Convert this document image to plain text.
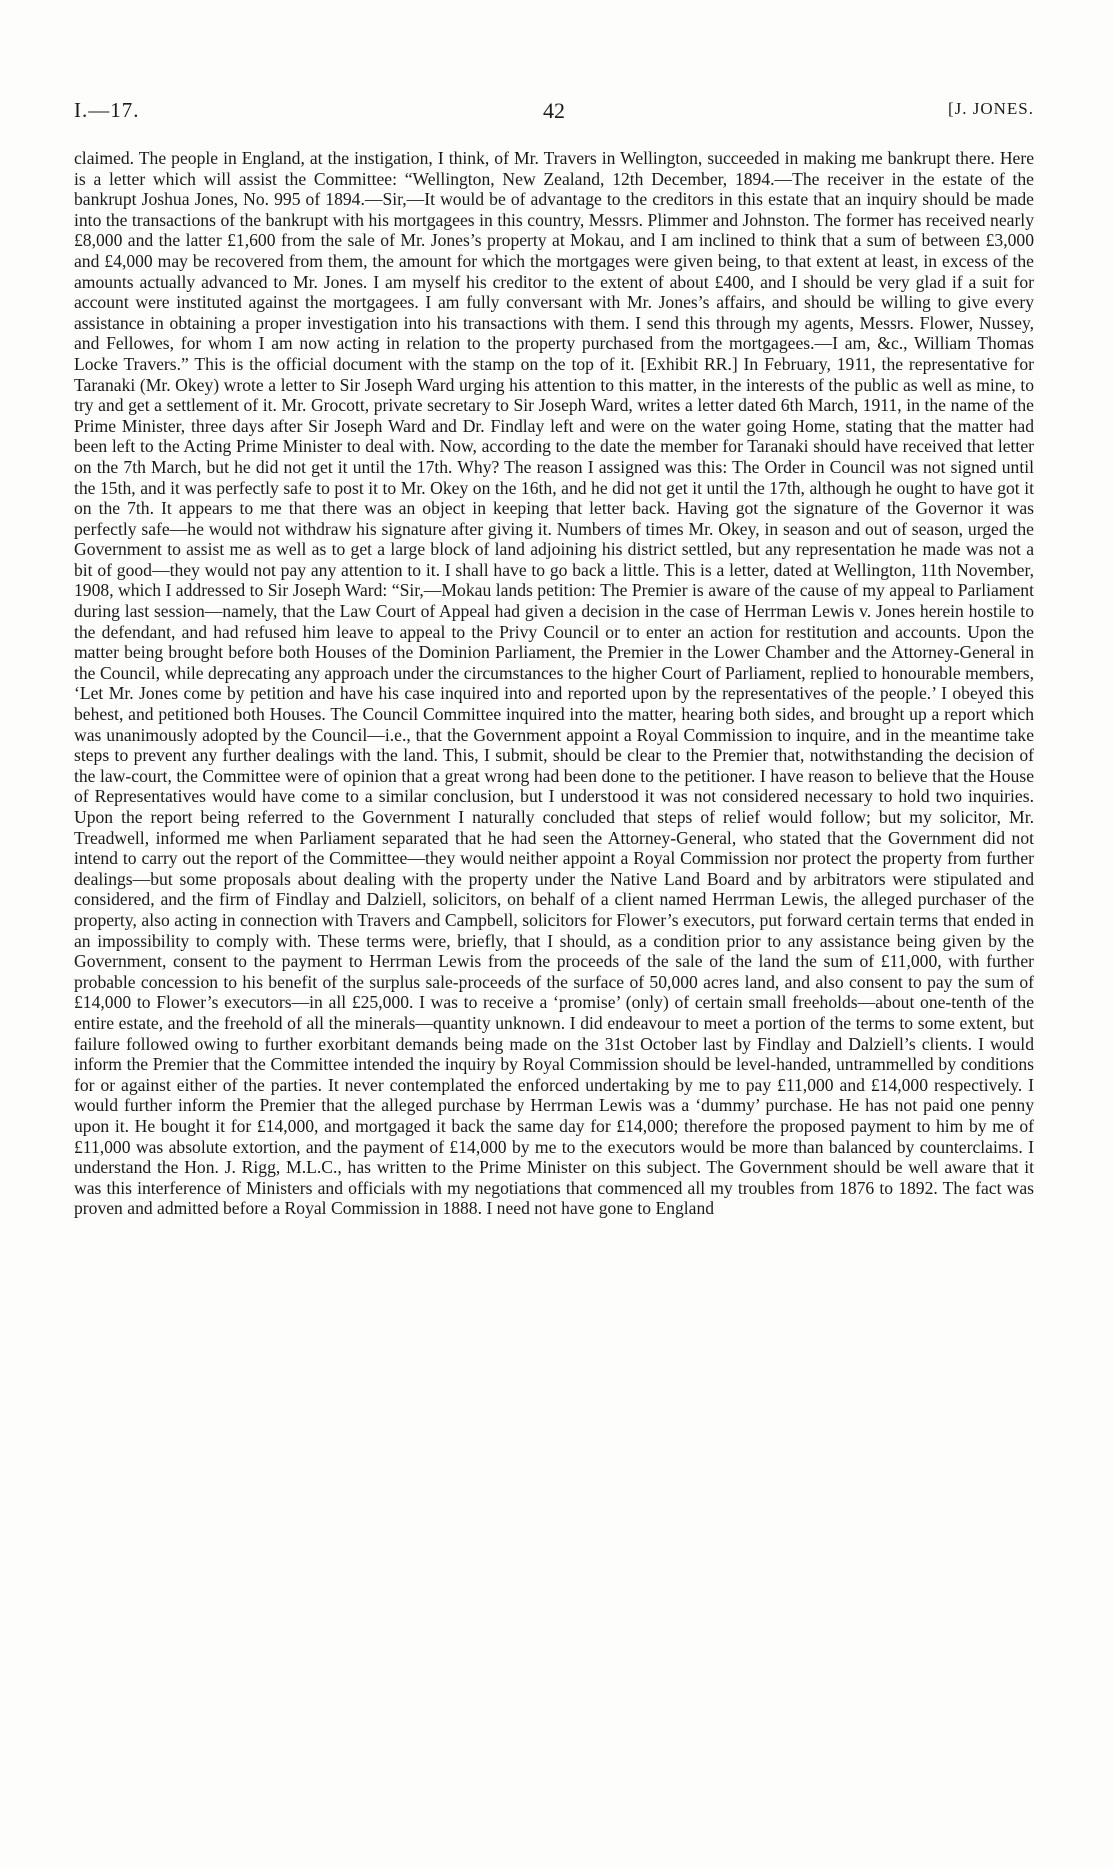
I.—17.	42	[J. JONES.

claimed. The people in England, at the instigation, I think, of Mr. Travers in Wellington, succeeded in making me bankrupt there. Here is a letter which will assist the Committee: “Wellington, New Zealand, 12th December, 1894.—The receiver in the estate of the bankrupt Joshua Jones, No. 995 of 1894.—Sir,—It would be of advantage to the creditors in this estate that an inquiry should be made into the transactions of the bankrupt with his mortgagees in this country, Messrs. Plimmer and Johnston. The former has received nearly £8,000 and the latter £1,600 from the sale of Mr. Jones’s property at Mokau, and I am inclined to think that a sum of between £3,000 and £4,000 may be recovered from them, the amount for which the mortgages were given being, to that extent at least, in excess of the amounts actually advanced to Mr. Jones. I am myself his creditor to the extent of about £400, and I should be very glad if a suit for account were instituted against the mortgagees. I am fully conversant with Mr. Jones’s affairs, and should be willing to give every assistance in obtaining a proper investigation into his transactions with them. I send this through my agents, Messrs. Flower, Nussey, and Fellowes, for whom I am now acting in relation to the property purchased from the mortgagees.—I am, &c., William Thomas Locke Travers.” This is the official document with the stamp on the top of it. [Exhibit RR.] In February, 1911, the representative for Taranaki (Mr. Okey) wrote a letter to Sir Joseph Ward urging his attention to this matter, in the interests of the public as well as mine, to try and get a settlement of it. Mr. Grocott, private secretary to Sir Joseph Ward, writes a letter dated 6th March, 1911, in the name of the Prime Minister, three days after Sir Joseph Ward and Dr. Findlay left and were on the water going Home, stating that the matter had been left to the Acting Prime Minister to deal with. Now, according to the date the member for Taranaki should have received that letter on the 7th March, but he did not get it until the 17th. Why? The reason I assigned was this: The Order in Council was not signed until the 15th, and it was perfectly safe to post it to Mr. Okey on the 16th, and he did not get it until the 17th, although he ought to have got it on the 7th. It appears to me that there was an object in keeping that letter back. Having got the signature of the Governor it was perfectly safe—he would not withdraw his signature after giving it. Numbers of times Mr. Okey, in season and out of season, urged the Government to assist me as well as to get a large block of land adjoining his district settled, but any representation he made was not a bit of good—they would not pay any attention to it. I shall have to go back a little. This is a letter, dated at Wellington, 11th November, 1908, which I addressed to Sir Joseph Ward: “Sir,—Mokau lands petition: The Premier is aware of the cause of my appeal to Parliament during last session—namely, that the Law Court of Appeal had given a decision in the case of Herrman Lewis v. Jones herein hostile to the defendant, and had refused him leave to appeal to the Privy Council or to enter an action for restitution and accounts. Upon the matter being brought before both Houses of the Dominion Parliament, the Premier in the Lower Chamber and the Attorney-General in the Council, while deprecating any approach under the circumstances to the higher Court of Parliament, replied to honourable members, ‘Let Mr. Jones come by petition and have his case inquired into and reported upon by the representatives of the people.’ I obeyed this behest, and petitioned both Houses. The Council Committee inquired into the matter, hearing both sides, and brought up a report which was unanimously adopted by the Council—i.e., that the Government appoint a Royal Commission to inquire, and in the meantime take steps to prevent any further dealings with the land. This, I submit, should be clear to the Premier that, notwithstanding the decision of the law-court, the Committee were of opinion that a great wrong had been done to the petitioner. I have reason to believe that the House of Representatives would have come to a similar conclusion, but I understood it was not considered necessary to hold two inquiries. Upon the report being referred to the Government I naturally concluded that steps of relief would follow; but my solicitor, Mr. Treadwell, informed me when Parliament separated that he had seen the Attorney-General, who stated that the Government did not intend to carry out the report of the Committee—they would neither appoint a Royal Commission nor protect the property from further dealings—but some proposals about dealing with the property under the Native Land Board and by arbitrators were stipulated and considered, and the firm of Findlay and Dalziell, solicitors, on behalf of a client named Herrman Lewis, the alleged purchaser of the property, also acting in connection with Travers and Campbell, solicitors for Flower’s executors, put forward certain terms that ended in an impossibility to comply with. These terms were, briefly, that I should, as a condition prior to any assistance being given by the Government, consent to the payment to Herrman Lewis from the proceeds of the sale of the land the sum of £11,000, with further probable concession to his benefit of the surplus sale-proceeds of the surface of 50,000 acres land, and also consent to pay the sum of £14,000 to Flower’s executors—in all £25,000. I was to receive a ‘promise’ (only) of certain small freeholds—about one-tenth of the entire estate, and the freehold of all the minerals—quantity unknown. I did endeavour to meet a portion of the terms to some extent, but failure followed owing to further exorbitant demands being made on the 31st October last by Findlay and Dalziell’s clients. I would inform the Premier that the Committee intended the inquiry by Royal Commission should be level-handed, untrammelled by conditions for or against either of the parties. It never contemplated the enforced undertaking by me to pay £11,000 and £14,000 respectively. I would further inform the Premier that the alleged purchase by Herrman Lewis was a ‘dummy’ purchase. He has not paid one penny upon it. He bought it for £14,000, and mortgaged it back the same day for £14,000; therefore the proposed payment to him by me of £11,000 was absolute extortion, and the payment of £14,000 by me to the executors would be more than balanced by counterclaims. I understand the Hon. J. Rigg, M.L.C., has written to the Prime Minister on this subject. The Government should be well aware that it was this interference of Ministers and officials with my negotiations that commenced all my troubles from 1876 to 1892. The fact was proven and admitted before a Royal Commission in 1888. I need not have gone to England
